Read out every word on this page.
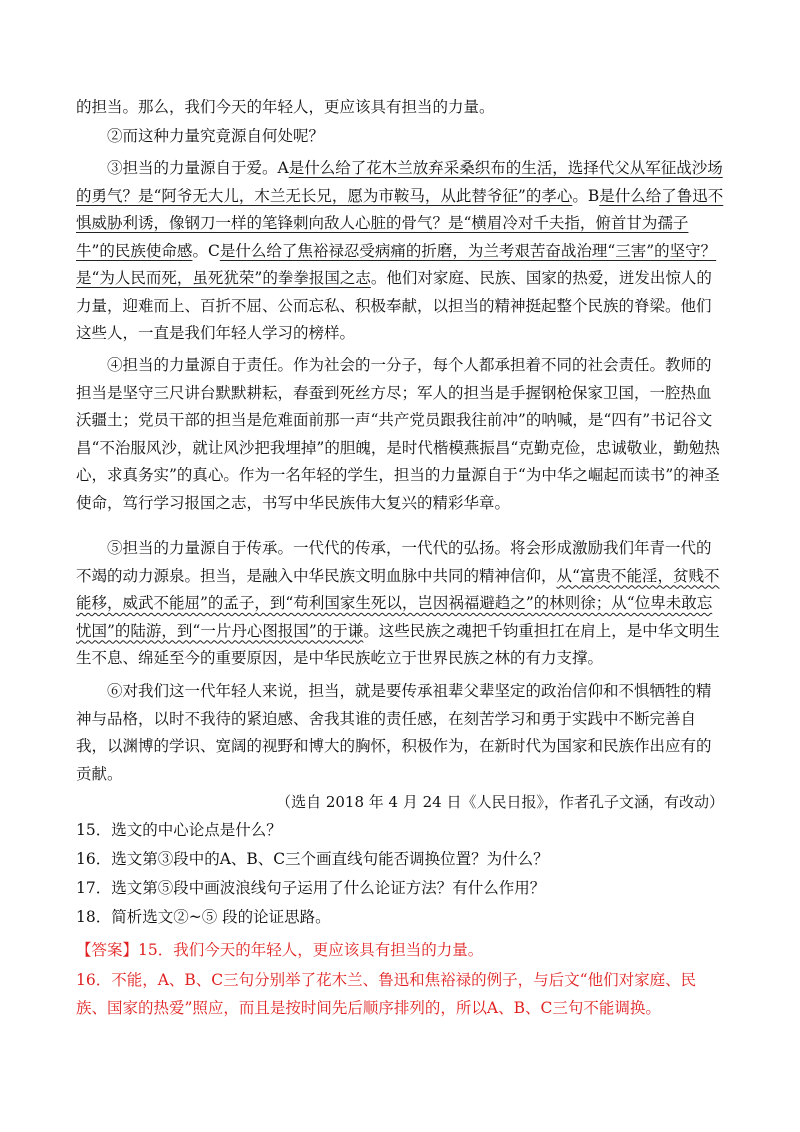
的担当。那么，我们今天的年轻人，更应该具有担当的力量。

②而这种力量究竟源自何处呢？

③担当的力量源自于爱。A是什么给了花木兰放弃采桑织布的生活，选择代父从军征战沙场的勇气？是“阿爷无大儿，木兰无长兄，愿为市鞍马，从此替爷征”的孝心。B是什么给了鲁迅不惧威胁利诱，像钢刀一样的笔锋刺向敌人心脏的骨气？是“横眉冷对千夫指，俯首甘为孺子牛”的民族使命感。C是什么给了焦裕禄忍受病痛的折磨，为兰考艰苦奋战治理“三害”的坚守？是“为人民而死，虽死犹荣”的拳拳报国之志。他们对家庭、民族、国家的热爱，迸发出惊人的力量，迎难而上、百折不屈、公而忘私、积极奉献，以担当的精神挺起整个民族的脊梁。他们这些人，一直是我们年轻人学习的榜样。

④担当的力量源自于责任。作为社会的一分子，每个人都承担着不同的社会责任。教师的担当是坚守三尺讲台默默耕耘，春蚕到死丝方尽；军人的担当是手握钢枪保家卫国，一腔热血沃疆土；党员干部的担当是危难面前那一声“共产党员跟我往前冲”的呐喊，是“四有”书记谷文昌“不治服风沙，就让风沙把我埋掉”的胆魄，是时代楷模燕振昌“克勤克俭，忠诚敬业，勤勉热心，求真务实”的真心。作为一名年轻的学生，担当的力量源自于“为中华之崛起而读书”的神圣使命，笃行学习报国之志，书写中华民族伟大复兴的精彩华章。

⑤担当的力量源自于传承。一代代的传承，一代代的弘扬。将会形成激励我们年青一代的不竭的动力源泉。担当，是融入中华民族文明血脉中共同的精神信仰，从“富贵不能淫，贫贱不能移，威武不能屈”的孟子，到“苟利国家生死以，岂因祸福避趋之”的林则徐；从“位卑未敢忘忧国”的陆游，到“一片丹心图报国”的于谦。这些民族之魂把千钧重担扛在肩上，是中华文明生生不息、绵延至今的重要原因，是中华民族屹立于世界民族之林的有力支撑。

⑥对我们这一代年轻人来说，担当，就是要传承祖辈父辈坚定的政治信仰和不惧牺牲的精神与品格，以时不我待的紧迫感、舍我其谁的责任感，在刻苦学习和勇于实践中不断完善自我，以渊博的学识、宽阔的视野和博大的胸怀，积极作为，在新时代为国家和民族作出应有的贡献。

（选自 2018 年 4 月 24 日《人民日报》，作者孔子文涵，有改动）
15．选文的中心论点是什么？
16．选文第③段中的A、B、C三个画直线句能否调换位置？为什么？
17．选文第⑤段中画波浪线句子运用了什么论证方法？有什么作用？
18．简析选文②~⑤ 段的论证思路。
【答案】15．我们今天的年轻人，更应该具有担当的力量。
16．不能，A、B、C三句分别举了花木兰、鲁迅和焦裕禄的例子，与后文“他们对家庭、民族、国家的热爱”照应，而且是按时间先后顺序排列的，所以A、B、C三句不能调换。
